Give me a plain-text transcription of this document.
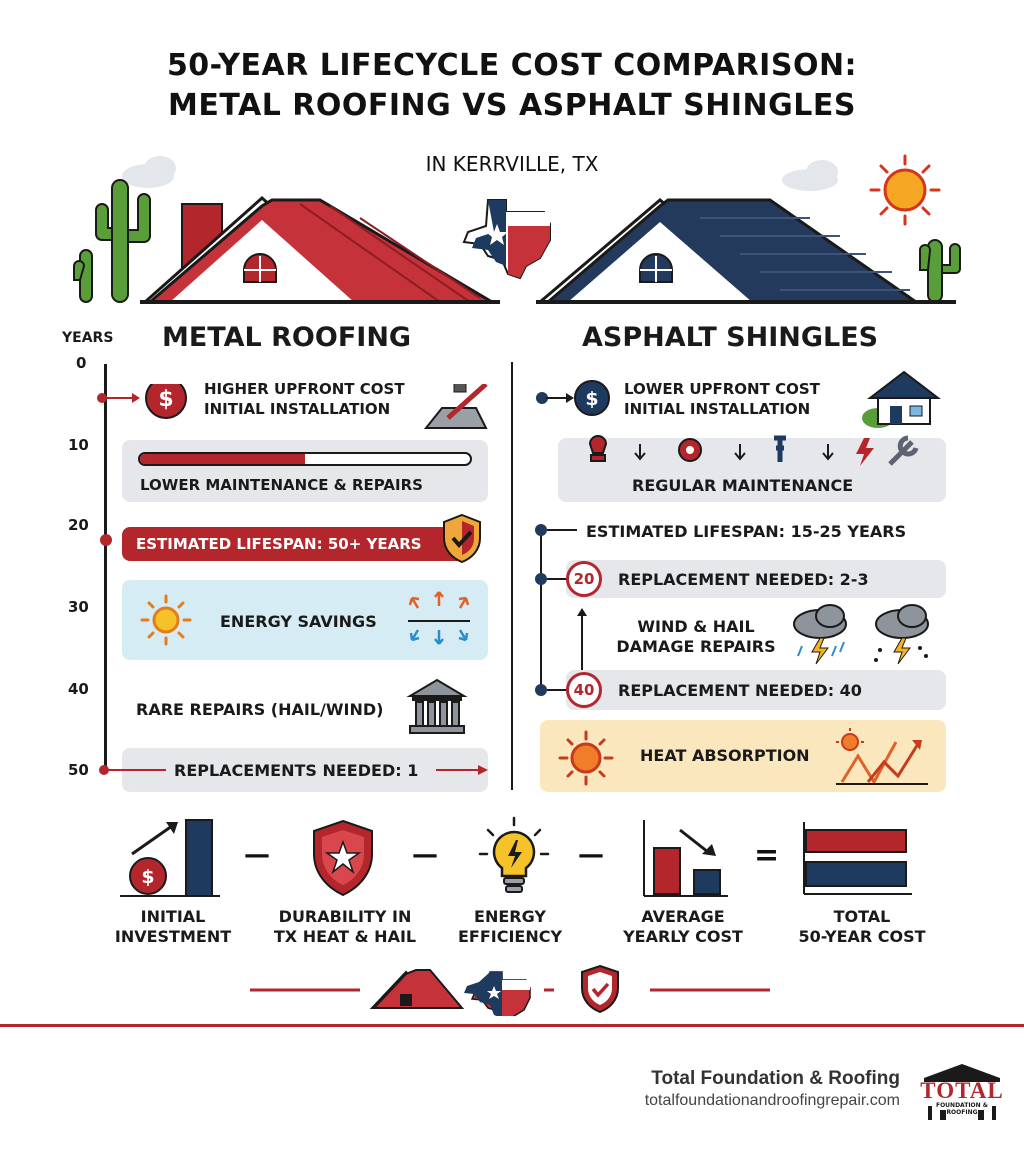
50-YEAR LIFECYCLE COST COMPARISON:
METAL ROOFING VS ASPHALT SHINGLES
IN KERRVILLE, TX
METAL ROOFING	ASPHALT SHINGLES
YEARS
0
10
20
30
40
50
$ HIGHER UPFRONT COST
INITIAL INSTALLATION
LOWER MAINTENANCE & REPAIRS
ESTIMATED LIFESPAN: 50+ YEARS
ENERGY SAVINGS
RARE REPAIRS (HAIL/WIND)
REPLACEMENTS NEEDED: 1
$ LOWER UPFRONT COST
INITIAL INSTALLATION
REGULAR MAINTENANCE
ESTIMATED LIFESPAN: 15-25 YEARS
20	REPLACEMENT NEEDED: 2-3
WIND & HAIL
DAMAGE REPAIRS
40	REPLACEMENT NEEDED: 40
HEAT ABSORPTION
$
—	—	—	=
INITIAL
INVESTMENT
DURABILITY IN
TX HEAT & HAIL
ENERGY
EFFICIENCY
AVERAGE
YEARLY COST
TOTAL
50-YEAR COST
Total Foundation & Roofing
totalfoundationandroofingrepair.com TOTAL
FOUNDATION & ROOFING
